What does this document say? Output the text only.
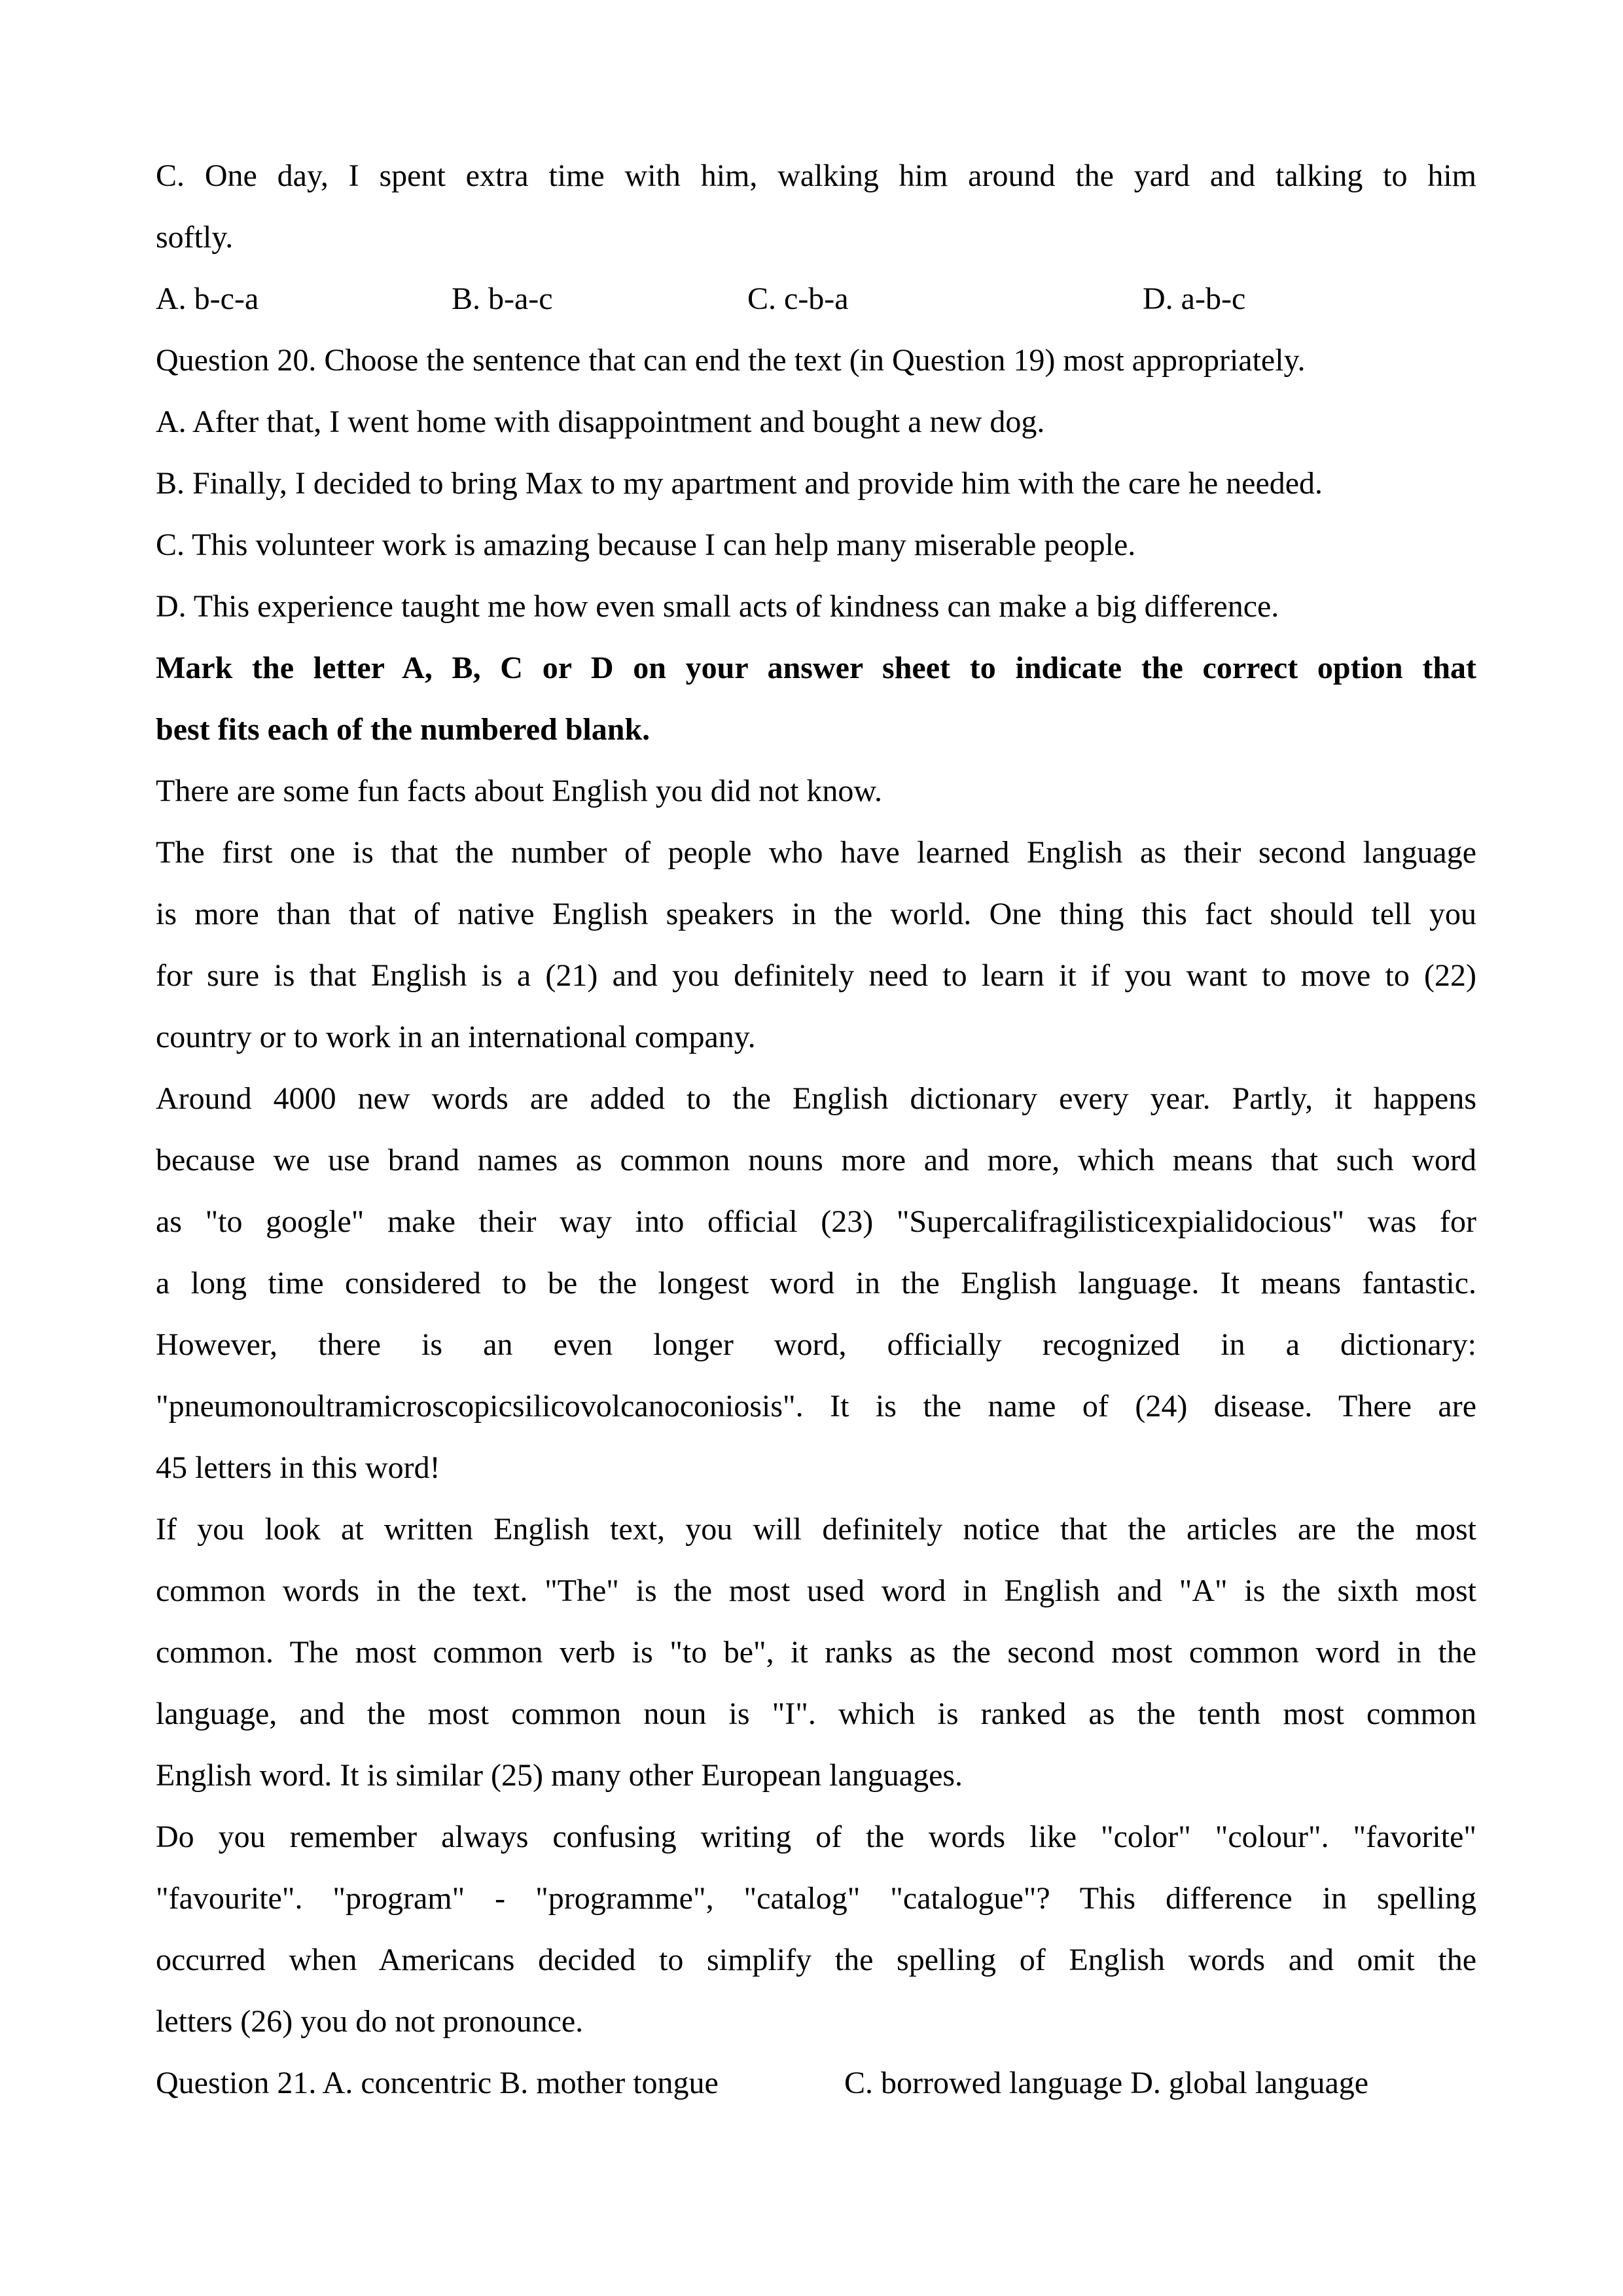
C. One day, I spent extra time with him, walking him around the yard and talking to him

softly.

A. b-c-a	B. b-a-c	C. c-b-a	D. a-b-c

Question 20. Choose the sentence that can end the text (in Question 19) most appropriately.

A. After that, I went home with disappointment and bought a new dog.

B. Finally, I decided to bring Max to my apartment and provide him with the care he needed.

C. This volunteer work is amazing because I can help many miserable people.

D. This experience taught me how even small acts of kindness can make a big difference.

Mark the letter A, B, C or D on your answer sheet to indicate the correct option that

best fits each of the numbered blank.

There are some fun facts about English you did not know.

The first one is that the number of people who have learned English as their second language

is more than that of native English speakers in the world. One thing this fact should tell you

for sure is that English is a (21) and you definitely need to learn it if you want to move to (22)

country or to work in an international company.

Around 4000 new words are added to the English dictionary every year. Partly, it happens

because we use brand names as common nouns more and more, which means that such word

as "to google" make their way into official (23) "Supercalifragilisticexpialidocious" was for

a long time considered to be the longest word in the English language. It means fantastic.

However, there is an even longer word, officially recognized in a dictionary:

"pneumonoultramicroscopicsilicovolcanoconiosis". It is the name of (24) disease. There are

45 letters in this word!

If you look at written English text, you will definitely notice that the articles are the most

common words in the text. "The" is the most used word in English and "A" is the sixth most

common. The most common verb is "to be", it ranks as the second most common word in the

language, and the most common noun is "I". which is ranked as the tenth most common

English word. It is similar (25) many other European languages.

Do you remember always confusing writing of the words like "color" "colour". "favorite"

"favourite". "program" - "programme", "catalog" "catalogue"? This difference in spelling

occurred when Americans decided to simplify the spelling of English words and omit the

letters (26) you do not pronounce.

Question 21. A. concentric B. mother tongue	C. borrowed language D. global language
